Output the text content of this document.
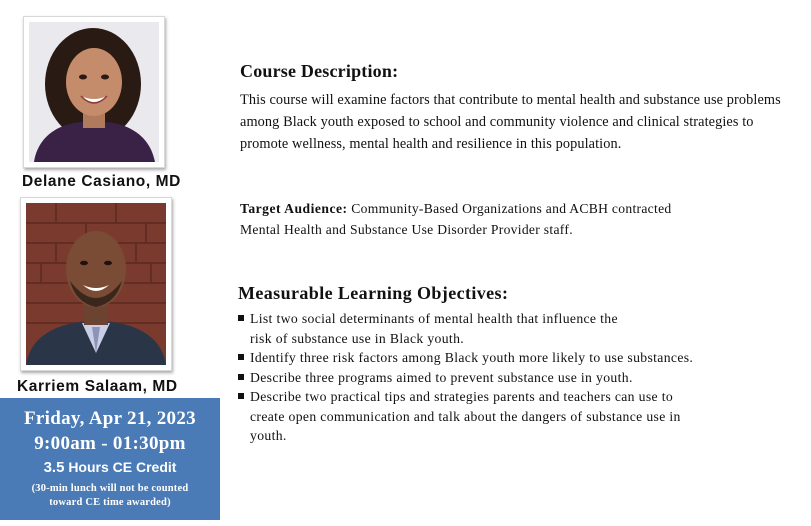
Delane Casiano, MD
Karriem Salaam, MD
Friday, Apr 21, 2023
9:00am - 01:30pm
3.5 Hours CE Credit
(30-min lunch will not be counted
toward CE time awarded)
Course Description:
This course will examine factors that contribute to mental health and substance use problems among Black youth exposed to school and community violence and clinical strategies to promote wellness, mental health and resilience in this population.
Target Audience: Community-Based Organizations and ACBH contracted
Mental Health and Substance Use Disorder Provider staff.
Measurable Learning Objectives:
List two social determinants of mental health that influence the
risk of substance use in Black youth.
Identify three risk factors among Black youth more likely to use substances.
Describe three programs aimed to prevent substance use in youth.
Describe two practical tips and strategies parents and teachers can use to
create open communication and talk about the dangers of substance use in
youth.
